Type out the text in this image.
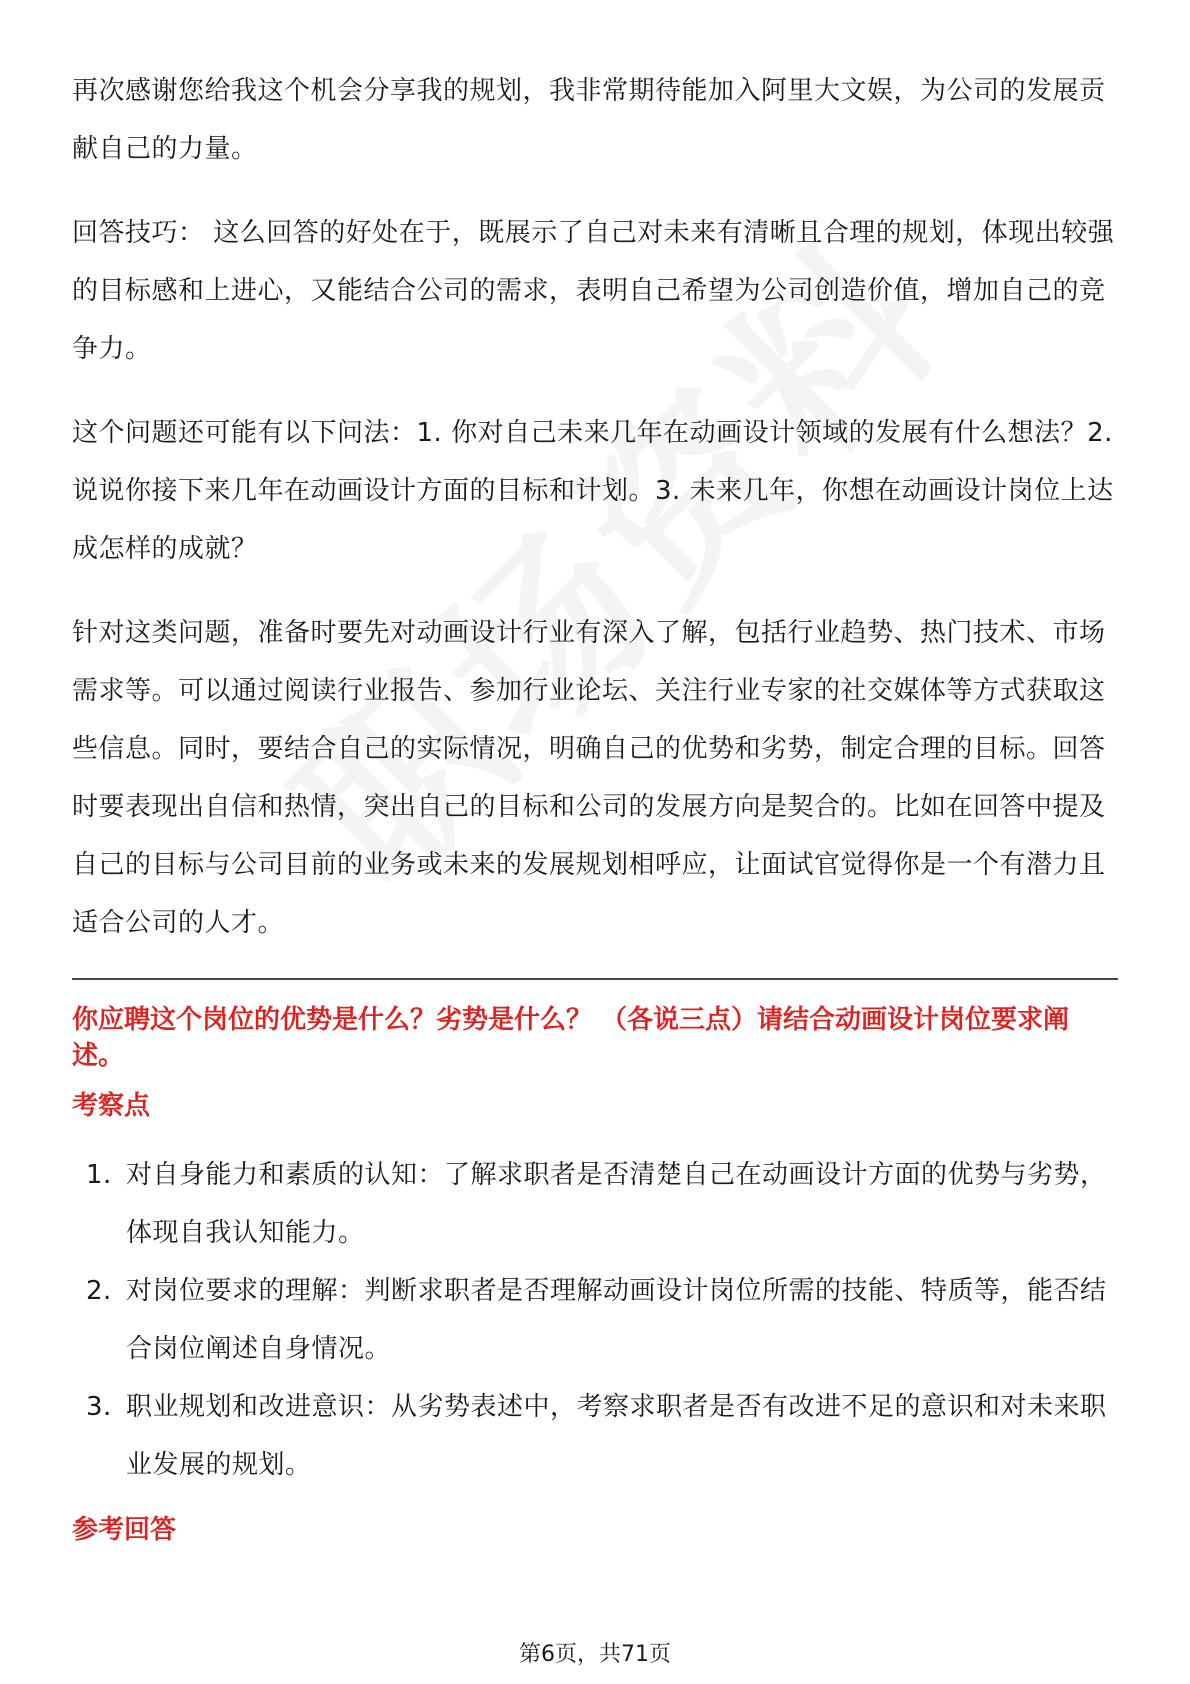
再次感谢您给我这个机会分享我的规划，我非常期待能加入阿里大文娱，为公司的发展贡献自己的力量。

回答技巧： 这么回答的好处在于，既展示了自己对未来有清晰且合理的规划，体现出较强的目标感和上进心，又能结合公司的需求，表明自己希望为公司创造价值，增加自己的竞争力。

这个问题还可能有以下问法：1. 你对自己未来几年在动画设计领域的发展有什么想法？2. 说说你接下来几年在动画设计方面的目标和计划。3. 未来几年，你想在动画设计岗位上达成怎样的成就？

针对这类问题，准备时要先对动画设计行业有深入了解，包括行业趋势、热门技术、市场需求等。可以通过阅读行业报告、参加行业论坛、关注行业专家的社交媒体等方式获取这些信息。同时，要结合自己的实际情况，明确自己的优势和劣势，制定合理的目标。回答时要表现出自信和热情，突出自己的目标和公司的发展方向是契合的。比如在回答中提及自己的目标与公司目前的业务或未来的发展规划相呼应，让面试官觉得你是一个有潜力且适合公司的人才。

你应聘这个岗位的优势是什么？劣势是什么？ （各说三点）请结合动画设计岗位要求阐述。
考察点
1. 对自身能力和素质的认知：了解求职者是否清楚自己在动画设计方面的优势与劣势，体现自我认知能力。
2. 对岗位要求的理解：判断求职者是否理解动画设计岗位所需的技能、特质等，能否结合岗位阐述自身情况。
3. 职业规划和改进意识：从劣势表述中，考察求职者是否有改进不足的意识和对未来职业发展的规划。
参考回答
第6页，共71页
